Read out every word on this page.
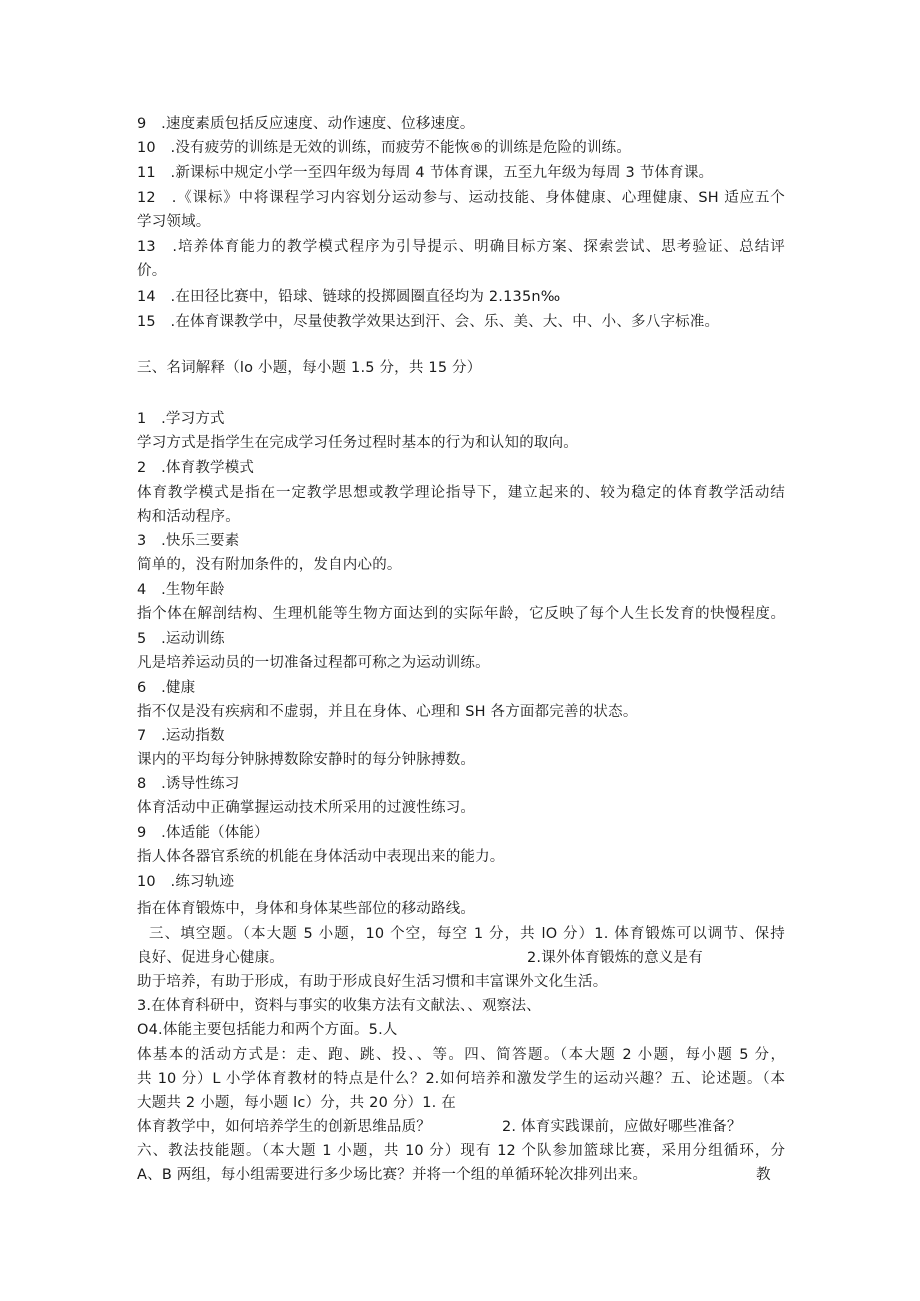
9　.速度素质包括反应速度、动作速度、位移速度。
10　.没有疲劳的训练是无效的训练，而疲劳不能恢®的训练是危险的训练。
11　.新课标中规定小学一至四年级为每周 4 节体育课，五至九年级为每周 3 节体育课。
12　.《课标》中将课程学习内容划分运动参与、运动技能、身体健康、心理健康、SH 适应五个
学习领域。
13　.培养体育能力的教学模式程序为引导提示、明确目标方案、探索尝试、思考验证、总结评
价。
14　.在田径比赛中，铅球、链球的投掷圆圈直径均为 2.135n‰
15　.在体育课教学中，尽量使教学效果达到汗、会、乐、美、大、中、小、多八字标准。
三、名词解释（lo 小题，每小题 1.5 分，共 15 分）
1　.学习方式
学习方式是指学生在完成学习任务过程时基本的行为和认知的取向。
2　.体育教学模式
体育教学模式是指在一定教学思想或教学理论指导下，建立起来的、较为稳定的体育教学活动结
构和活动程序。
3　.快乐三要素
简单的，没有附加条件的，发自内心的。
4　.生物年龄
指个体在解剖结构、生理机能等生物方面达到的实际年龄，它反映了每个人生长发育的快慢程度。
5　.运动训练
凡是培养运动员的一切准备过程都可称之为运动训练。
6　.健康
指不仅是没有疾病和不虚弱，并且在身体、心理和 SH 各方面都完善的状态。
7　.运动指数
课内的平均每分钟脉搏数除安静时的每分钟脉搏数。
8　.诱导性练习
体育活动中正确掌握运动技术所采用的过渡性练习。
9　.体适能（体能）
指人体各器官系统的机能在身体活动中表现出来的能力。
10　.练习轨迹
指在体育锻炼中，身体和身体某些部位的移动路线。
三、填空题。（本大题 5 小题，10 个空，每空 1 分，共 lO 分）1. 体育锻炼可以调节、保持
良好、促进身心健康。	2.课外体育锻炼的意义是有
助于培养，有助于形成，有助于形成良好生活习惯和丰富课外文化生活。
3.在体育科研中，资料与事实的收集方法有文献法、、观察法、
O4.体能主要包括能力和两个方面。5.人
体基本的活动方式是：走、跑、跳、投、、等。四、简答题。（本大题 2 小题，每小题 5 分，
共 10 分）L 小学体育教材的特点是什么？2.如何培养和激发学生的运动兴趣？五、论述题。（本
大题共 2 小题，每小题 lc）分，共 20 分）1. 在
体育教学中，如何培养学生的创新思维品质？	2. 体育实践课前，应做好哪些准备？
六、教法技能题。（本大题 1 小题，共 10 分）现有 12 个队参加篮球比赛，采用分组循环，分
A、B 两组，每小组需要进行多少场比赛？并将一个组的单循环轮次排列出来。	教
